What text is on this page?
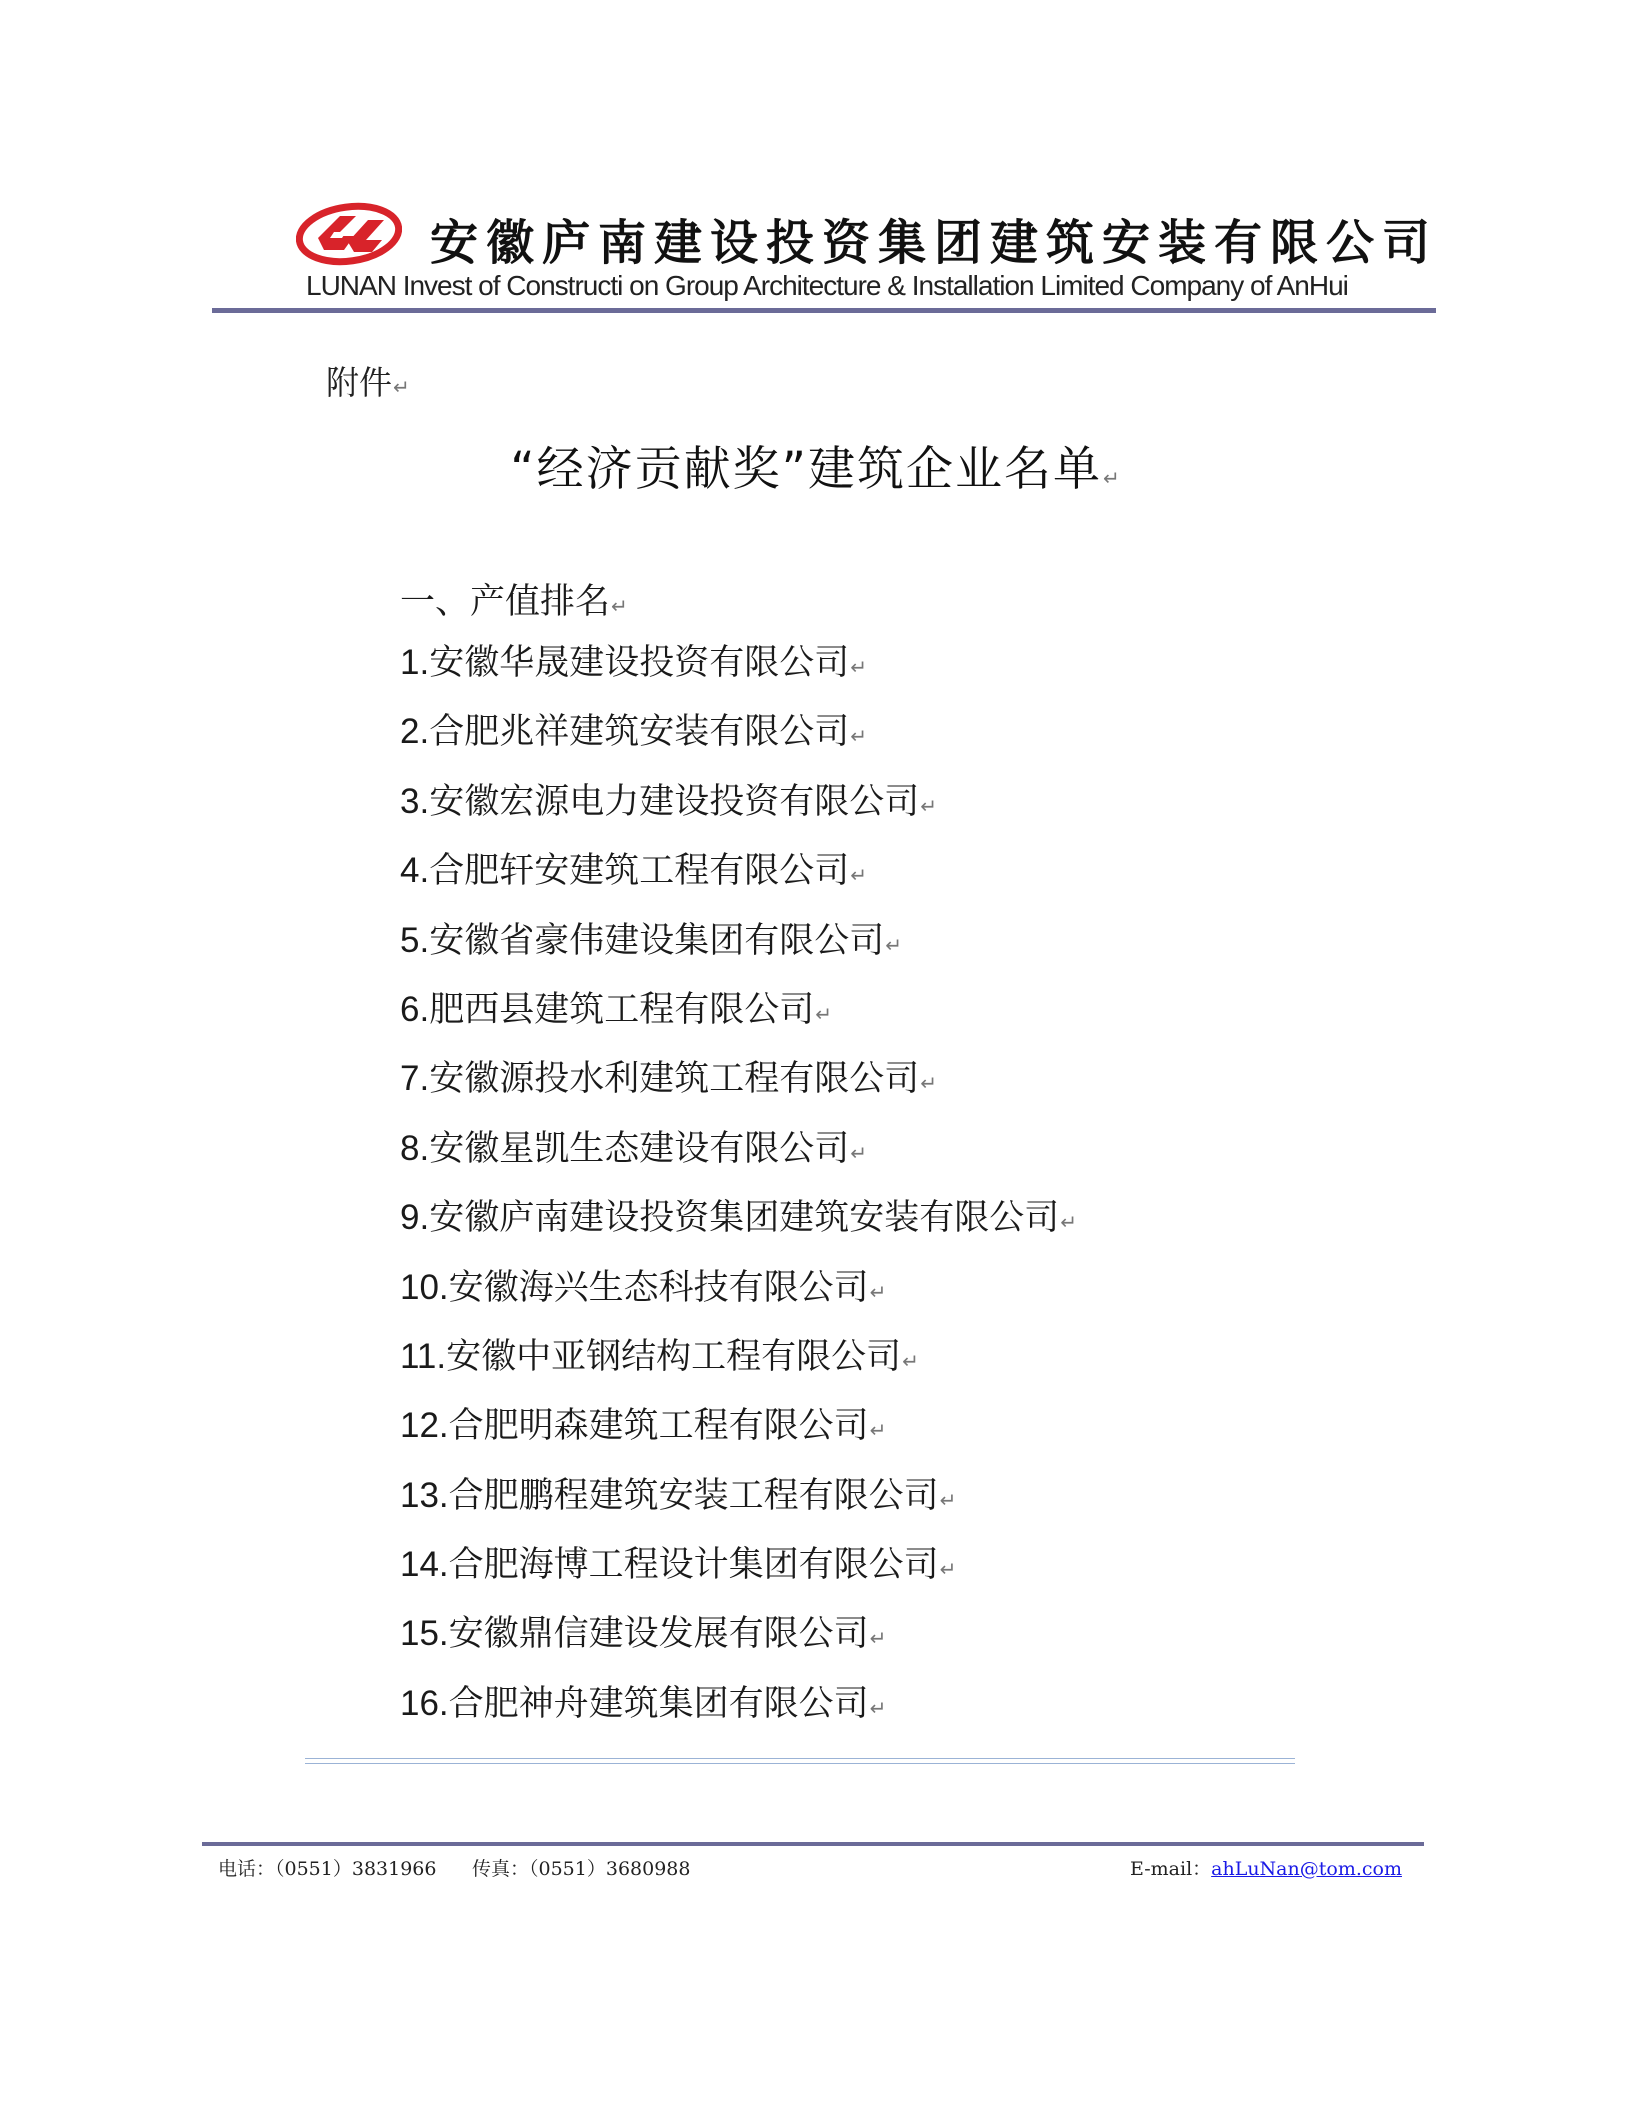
安徽庐南建设投资集团建筑安装有限公司
LUNAN Invest of Constructi on Group Architecture & Installation Limited Company of AnHui
附件↵
“经济贡献奖”建筑企业名单↵
一、产值排名↵
1.安徽华晟建设投资有限公司↵
2.合肥兆祥建筑安装有限公司↵
3.安徽宏源电力建设投资有限公司↵
4.合肥轩安建筑工程有限公司↵
5.安徽省豪伟建设集团有限公司↵
6.肥西县建筑工程有限公司↵
7.安徽源投水利建筑工程有限公司↵
8.安徽星凯生态建设有限公司↵
9.安徽庐南建设投资集团建筑安装有限公司↵
10.安徽海兴生态科技有限公司↵
11.安徽中亚钢结构工程有限公司↵
12.合肥明森建筑工程有限公司↵
13.合肥鹏程建筑安装工程有限公司↵
14.合肥海博工程设计集团有限公司↵
15.安徽鼎信建设发展有限公司↵
16.合肥神舟建筑集团有限公司↵
电话：（0551）3831966 传真：（0551）3680988	E-mail：ahLuNan@tom.com
